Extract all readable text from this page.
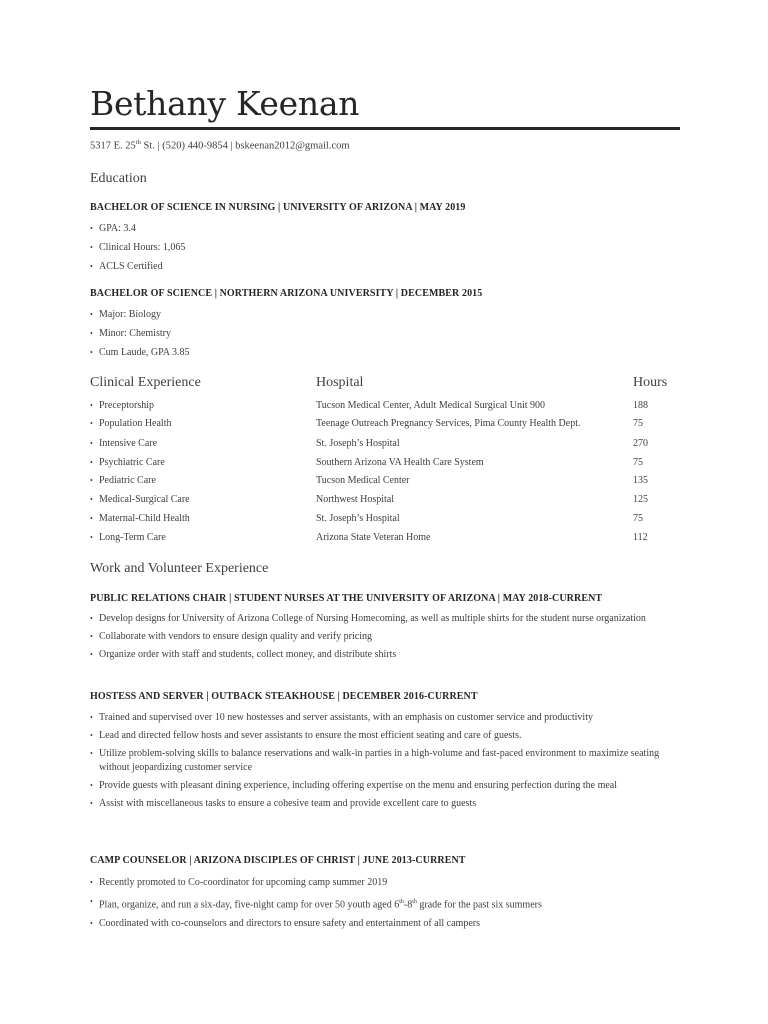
Bethany Keenan
5317 E. 25th St. | (520) 440-9854 | bskeenan2012@gmail.com
Education
BACHELOR OF SCIENCE IN NURSING | UNIVERSITY OF ARIZONA | MAY 2019
• GPA: 3.4
• Clinical Hours: 1,065
• ACLS Certified
BACHELOR OF SCIENCE | NORTHERN ARIZONA UNIVERSITY | DECEMBER 2015
• Major: Biology
• Minor: Chemistry
• Cum Laude, GPA 3.85
Clinical Experience	Hospital	Hours
• Preceptorship	Tucson Medical Center, Adult Medical Surgical Unit 900	188
• Population Health	Teenage Outreach Pregnancy Services, Pima County Health Dept.	75
• Intensive Care	St. Joseph’s Hospital	270
• Psychiatric Care	Southern Arizona VA Health Care System	75
• Pediatric Care	Tucson Medical Center	135
• Medical-Surgical Care	Northwest Hospital	125
• Maternal-Child Health	St. Joseph’s Hospital	75
• Long-Term Care	Arizona State Veteran Home	112
Work and Volunteer Experience
PUBLIC RELATIONS CHAIR | STUDENT NURSES AT THE UNIVERSITY OF ARIZONA | MAY 2018-CURRENT
• Develop designs for University of Arizona College of Nursing Homecoming, as well as multiple shirts for the student nurse organization
• Collaborate with vendors to ensure design quality and verify pricing
• Organize order with staff and students, collect money, and distribute shirts
HOSTESS AND SERVER | OUTBACK STEAKHOUSE | DECEMBER 2016-CURRENT
• Trained and supervised over 10 new hostesses and server assistants, with an emphasis on customer service and productivity
• Lead and directed fellow hosts and sever assistants to ensure the most efficient seating and care of guests.
• Utilize problem-solving skills to balance reservations and walk-in parties in a high-volume and fast-paced environment to maximize seating without jeopardizing customer service
• Provide guests with pleasant dining experience, including offering expertise on the menu and ensuring perfection during the meal
• Assist with miscellaneous tasks to ensure a cohesive team and provide excellent care to guests
CAMP COUNSELOR | ARIZONA DISCIPLES OF CHRIST | JUNE 2013-CURRENT
• Recently promoted to Co-coordinator for upcoming camp summer 2019
• Plan, organize, and run a six-day, five-night camp for over 50 youth aged 6th-8th grade for the past six summers
• Coordinated with co-counselors and directors to ensure safety and entertainment of all campers
